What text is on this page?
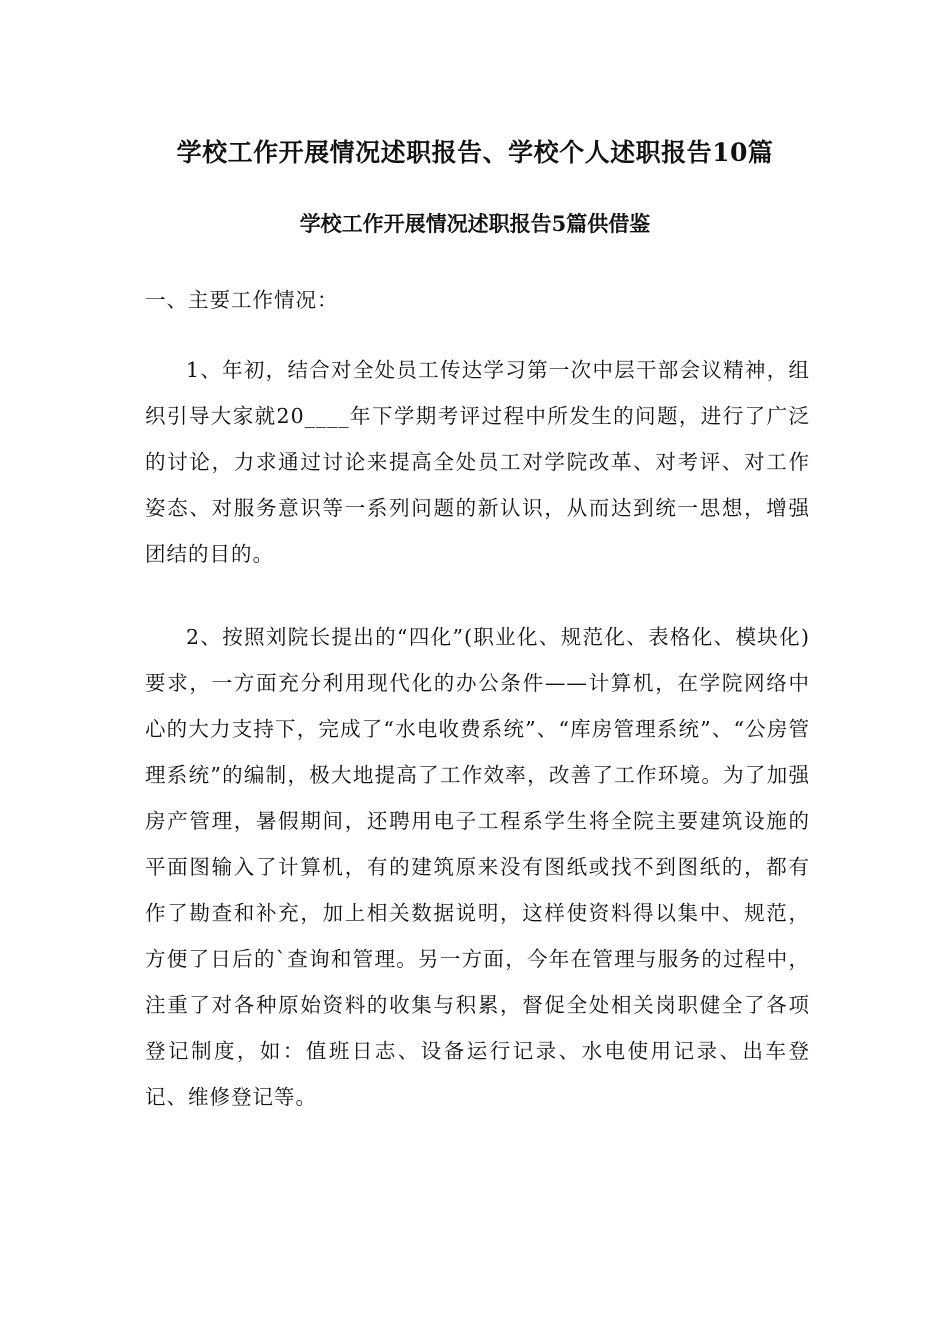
学校工作开展情况述职报告、学校个人述职报告10篇
学校工作开展情况述职报告5篇供借鉴

一、主要工作情况：

1、年初，结合对全处员工传达学习第一次中层干部会议精神，组织引导大家就20____年下学期考评过程中所发生的问题，进行了广泛的讨论，力求通过讨论来提高全处员工对学院改革、对考评、对工作姿态、对服务意识等一系列问题的新认识，从而达到统一思想，增强团结的目的。

2、按照刘院长提出的“四化”(职业化、规范化、表格化、模块化)要求，一方面充分利用现代化的办公条件——计算机，在学院网络中心的大力支持下，完成了“水电收费系统”、“库房管理系统”、“公房管理系统”的编制，极大地提高了工作效率，改善了工作环境。为了加强房产管理，暑假期间，还聘用电子工程系学生将全院主要建筑设施的平面图输入了计算机，有的建筑原来没有图纸或找不到图纸的，都有作了勘查和补充，加上相关数据说明，这样使资料得以集中、规范，方便了日后的`查询和管理。另一方面，今年在管理与服务的过程中，注重了对各种原始资料的收集与积累，督促全处相关岗职健全了各项登记制度，如：值班日志、设备运行记录、水电使用记录、出车登记、维修登记等。
